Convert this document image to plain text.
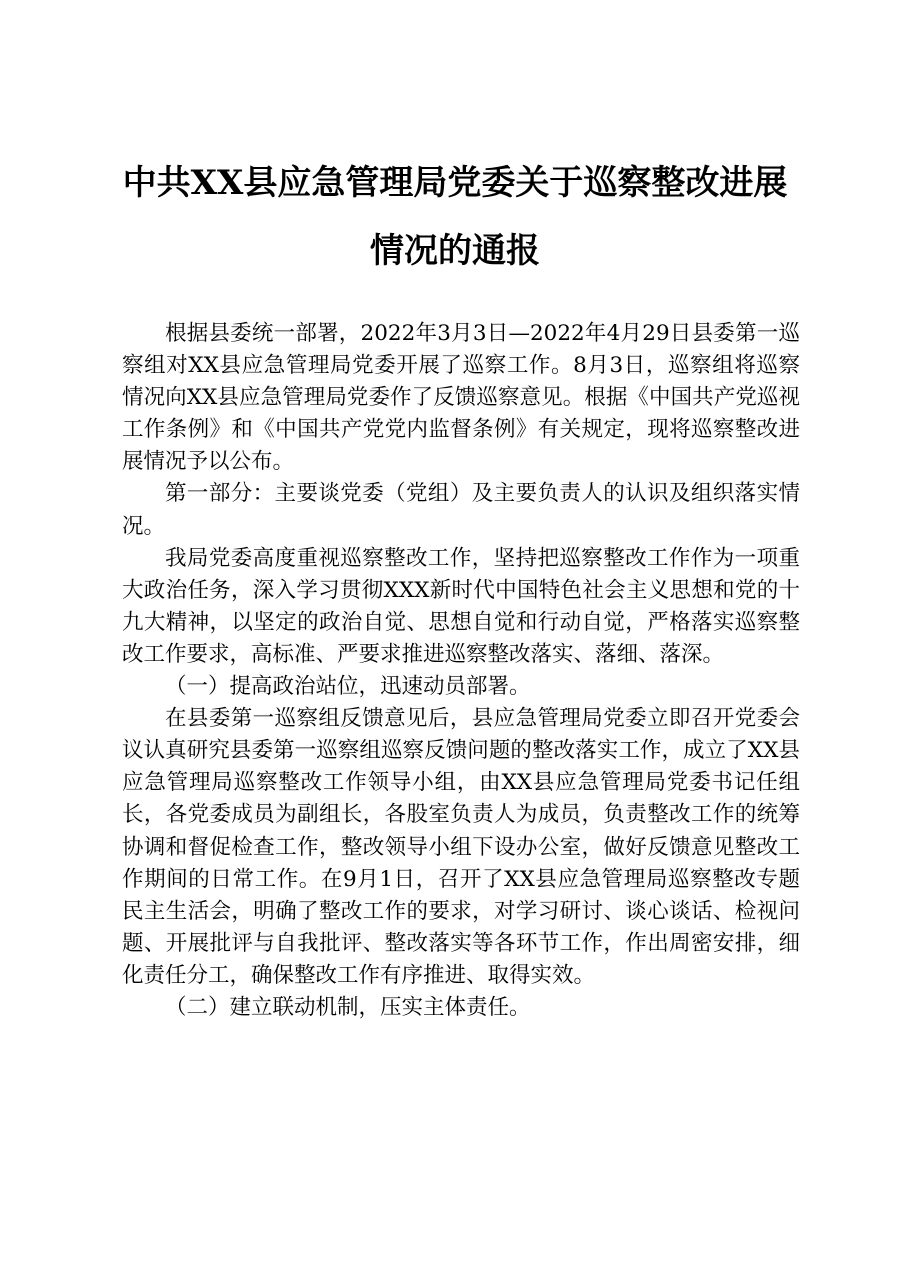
中共XX县应急管理局党委关于巡察整改进展
情况的通报

根据县委统一部署，2022年3月3日—2022年4月29日县委第一巡察组对XX县应急管理局党委开展了巡察工作。8月3日，巡察组将巡察情况向XX县应急管理局党委作了反馈巡察意见。根据《中国共产党巡视工作条例》和《中国共产党党内监督条例》有关规定，现将巡察整改进展情况予以公布。

第一部分：主要谈党委（党组）及主要负责人的认识及组织落实情况。

我局党委高度重视巡察整改工作，坚持把巡察整改工作作为一项重大政治任务，深入学习贯彻XXX新时代中国特色社会主义思想和党的十九大精神，以坚定的政治自觉、思想自觉和行动自觉，严格落实巡察整改工作要求，高标准、严要求推进巡察整改落实、落细、落深。

（一）提高政治站位，迅速动员部署。

在县委第一巡察组反馈意见后，县应急管理局党委立即召开党委会议认真研究县委第一巡察组巡察反馈问题的整改落实工作，成立了XX县应急管理局巡察整改工作领导小组，由XX县应急管理局党委书记任组长，各党委成员为副组长，各股室负责人为成员，负责整改工作的统筹协调和督促检查工作，整改领导小组下设办公室，做好反馈意见整改工作期间的日常工作。在9月1日，召开了XX县应急管理局巡察整改专题民主生活会，明确了整改工作的要求，对学习研讨、谈心谈话、检视问题、开展批评与自我批评、整改落实等各环节工作，作出周密安排，细化责任分工，确保整改工作有序推进、取得实效。

（二）建立联动机制，压实主体责任。
